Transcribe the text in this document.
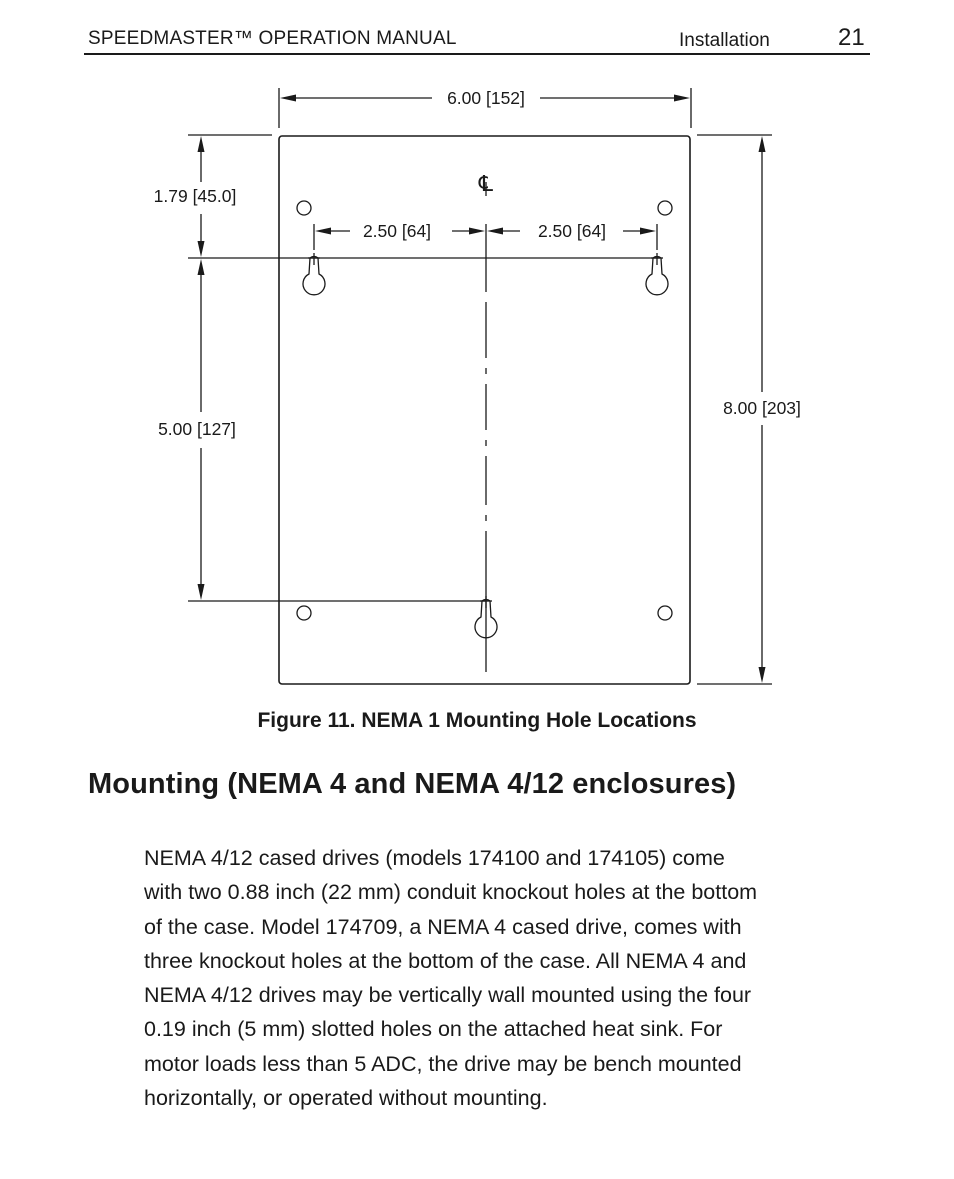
SPEEDMASTER™ OPERATION MANUAL	Installation	21
6.00 [152]
1.79 [45.0]
5.00 [127]
8.00 [203]
2.50 [64]	2.50 [64]
℄
Figure 11. NEMA 1 Mounting Hole Locations
Mounting (NEMA 4 and NEMA 4/12 enclosures)
NEMA 4/12 cased drives (models 174100 and 174105) come
with two 0.88 inch (22 mm) conduit knockout holes at the bottom
of the case. Model 174709, a NEMA 4 cased drive, comes with
three knockout holes at the bottom of the case. All NEMA 4 and
NEMA 4/12 drives may be vertically wall mounted using the four
0.19 inch (5 mm) slotted holes on the attached heat sink. For
motor loads less than 5 ADC, the drive may be bench mounted
horizontally, or operated without mounting.
